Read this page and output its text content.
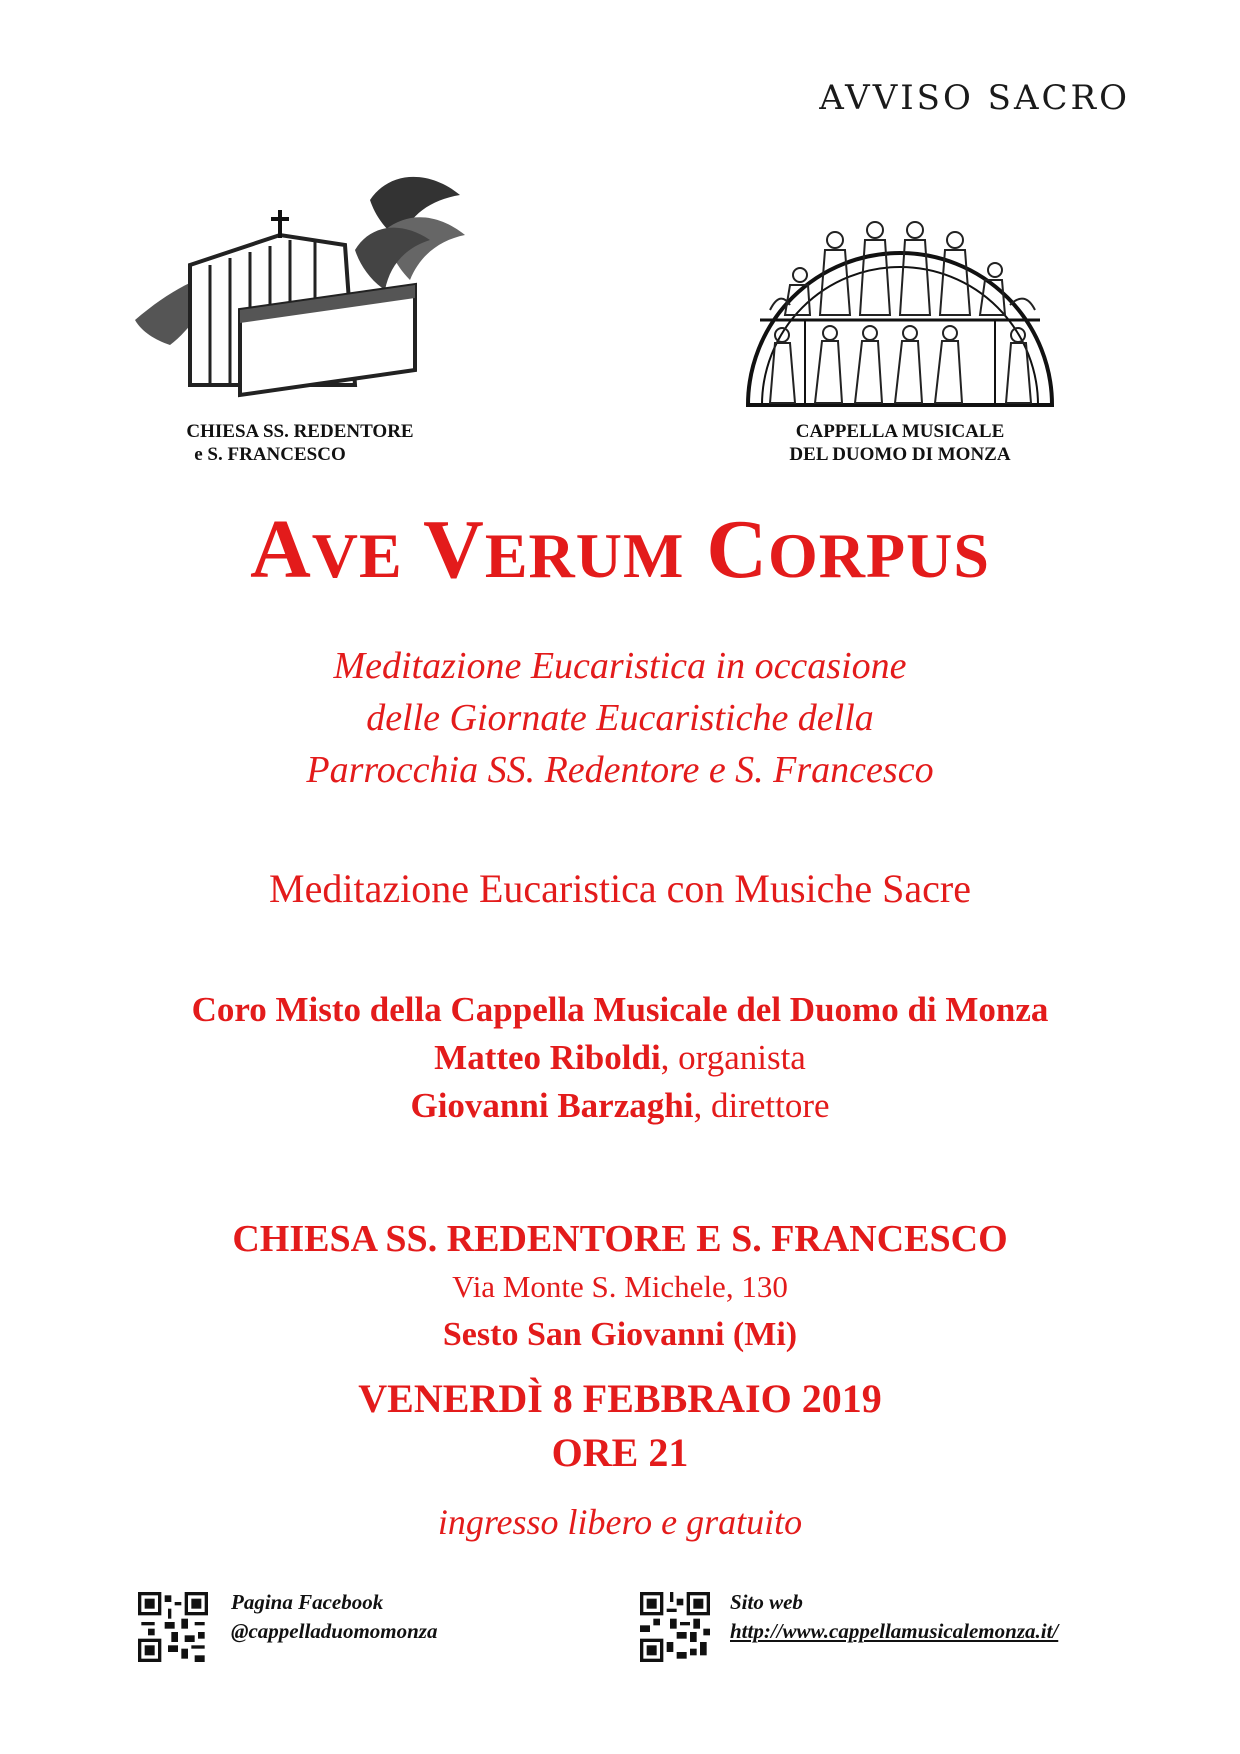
AVVISO SACRO
CHIESA SS. REDENTORE
e S. FRANCESCO
CAPPELLA MUSICALE
DEL DUOMO DI MONZA
AVE VERUM CORPUS
Meditazione Eucaristica in occasione
delle Giornate Eucaristiche della
Parrocchia SS. Redentore e S. Francesco
Meditazione Eucaristica con Musiche Sacre
Coro Misto della Cappella Musicale del Duomo di Monza
Matteo Riboldi, organista
Giovanni Barzaghi, direttore
CHIESA SS. REDENTORE E S. FRANCESCO
Via Monte S. Michele, 130
Sesto San Giovanni (Mi)
VENERDÌ 8 FEBBRAIO 2019
ORE 21
ingresso libero e gratuito
Pagina Facebook
@cappelladuomomonza
Sito web
http://www.cappellamusicalemonza.it/
